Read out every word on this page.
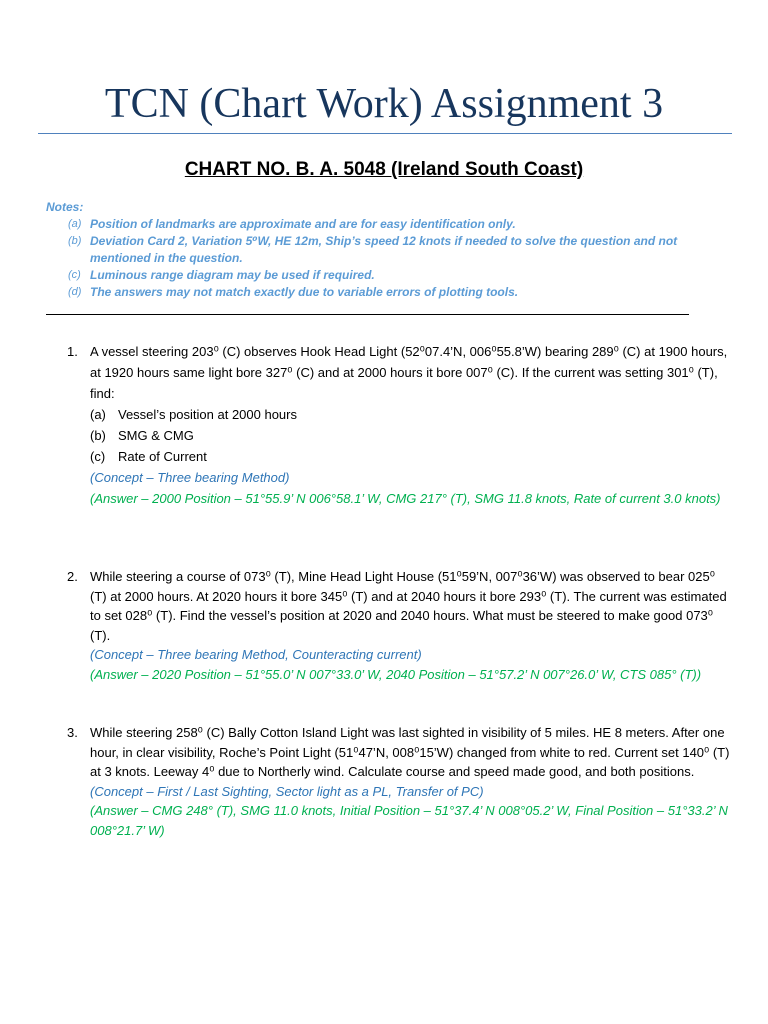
TCN (Chart Work) Assignment 3
CHART NO. B. A. 5048 (Ireland South Coast)
Notes:
(a) Position of landmarks are approximate and are for easy identification only.
(b) Deviation Card 2, Variation 5⁰W, HE 12m, Ship’s speed 12 knots if needed to solve the question and not mentioned in the question.
(c) Luminous range diagram may be used if required.
(d) The answers may not match exactly due to variable errors of plotting tools.
1. A vessel steering 203⁰ (C) observes Hook Head Light (52⁰07.4’N, 006⁰55.8’W) bearing 289⁰ (C) at 1900 hours, at 1920 hours same light bore 327⁰ (C) and at 2000 hours it bore 007⁰ (C). If the current was setting 301⁰ (T), find:
(a) Vessel’s position at 2000 hours
(b) SMG & CMG
(c) Rate of Current
(Concept – Three bearing Method)
(Answer – 2000 Position – 51°55.9’ N 006°58.1’ W, CMG 217° (T), SMG 11.8 knots, Rate of current 3.0 knots)
2. While steering a course of 073⁰ (T), Mine Head Light House (51⁰59’N, 007⁰36’W) was observed to bear 025⁰ (T) at 2000 hours. At 2020 hours it bore 345⁰ (T) and at 2040 hours it bore 293⁰ (T). The current was estimated to set 028⁰ (T). Find the vessel’s position at 2020 and 2040 hours. What must be steered to make good 073⁰ (T).
(Concept – Three bearing Method, Counteracting current)
(Answer – 2020 Position – 51°55.0’ N 007°33.0’ W, 2040 Position – 51°57.2’ N 007°26.0’ W, CTS 085° (T))
3. While steering 258⁰ (C) Bally Cotton Island Light was last sighted in visibility of 5 miles. HE 8 meters. After one hour, in clear visibility, Roche’s Point Light (51⁰47’N, 008⁰15’W) changed from white to red. Current set 140⁰ (T) at 3 knots. Leeway 4⁰ due to Northerly wind. Calculate course and speed made good, and both positions.
(Concept – First / Last Sighting, Sector light as a PL, Transfer of PC)
(Answer – CMG 248° (T), SMG 11.0 knots, Initial Position – 51°37.4’ N 008°05.2’ W, Final Position – 51°33.2’ N 008°21.7’ W)
